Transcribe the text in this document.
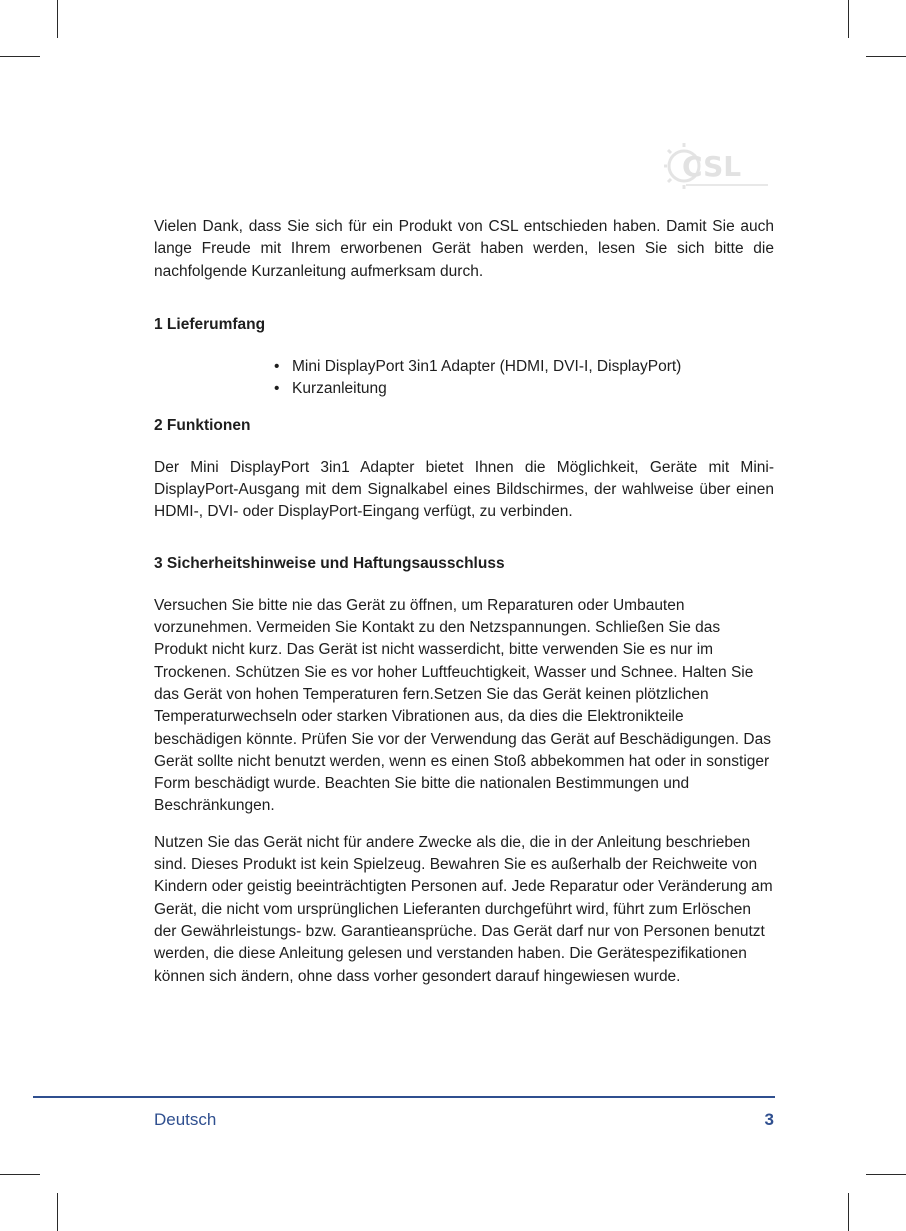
CSL

Vielen Dank, dass Sie sich für ein Produkt von CSL entschieden haben. Damit Sie auch lange Freude mit Ihrem erworbenen Gerät haben werden, lesen Sie sich bitte die nachfolgende Kurzanleitung aufmerksam durch.

1 Lieferumfang
• Mini DisplayPort 3in1 Adapter (HDMI, DVI-I, DisplayPort)
• Kurzanleitung
2 Funktionen

Der Mini DisplayPort 3in1 Adapter bietet Ihnen die Möglichkeit, Geräte mit Mini-DisplayPort-Ausgang mit dem Signalkabel eines Bildschirmes, der wahlweise über einen HDMI-, DVI- oder DisplayPort-Eingang verfügt, zu verbinden.

3 Sicherheitshinweise und Haftungsausschluss

Versuchen Sie bitte nie das Gerät zu öffnen, um Reparaturen oder Umbauten vorzunehmen. Vermeiden Sie Kontakt zu den Netzspannungen. Schließen Sie das Produkt nicht kurz. Das Gerät ist nicht wasserdicht, bitte verwenden Sie es nur im Trockenen. Schützen Sie es vor hoher Luftfeuchtigkeit, Wasser und Schnee. Halten Sie das Gerät von hohen Temperaturen fern.Setzen Sie das Gerät keinen plötzlichen Temperaturwechseln oder starken Vibrationen aus, da dies die Elektronikteile beschädigen könnte. Prüfen Sie vor der Verwendung das Gerät auf Beschädigungen. Das Gerät sollte nicht benutzt werden, wenn es einen Stoß abbekommen hat oder in sonstiger Form beschädigt wurde. Beachten Sie bitte die nationalen Bestimmungen und Beschränkungen.

Nutzen Sie das Gerät nicht für andere Zwecke als die, die in der Anleitung beschrieben sind. Dieses Produkt ist kein Spielzeug. Bewahren Sie es außerhalb der Reichweite von Kindern oder geistig beeinträchtigten Personen auf. Jede Reparatur oder Veränderung am Gerät, die nicht vom ursprünglichen Lieferanten durchgeführt wird, führt zum Erlöschen der Gewährleistungs- bzw. Garantieansprüche. Das Gerät darf nur von Personen benutzt werden, die diese Anleitung gelesen und verstanden haben. Die Gerätespezifikationen können sich ändern, ohne dass vorher gesondert darauf hingewiesen wurde.

Deutsch	3
